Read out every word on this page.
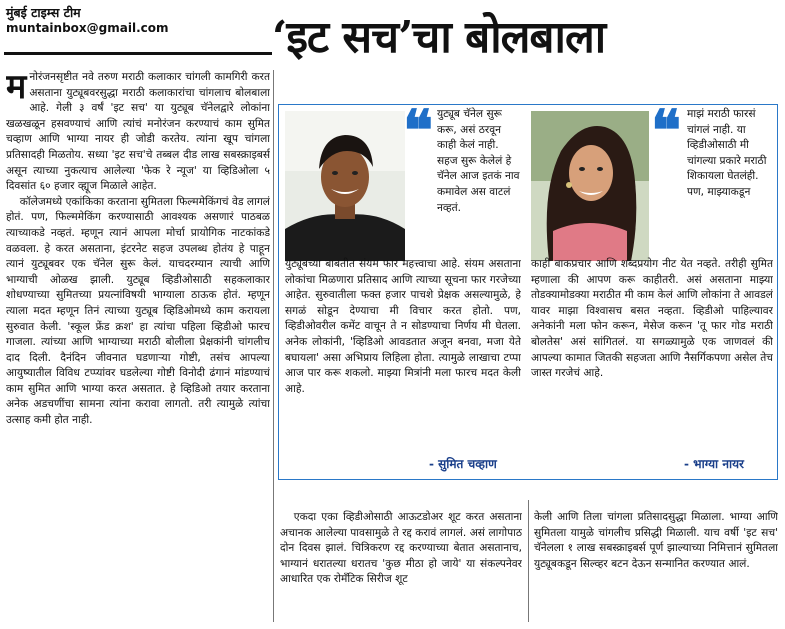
मुंबई टाइम्स टीम
muntainbox@gmail.com ‘इट सच’चा बोलबाला

मनोरंजनसृष्टीत नवे तरुण मराठी कलाकार चांगली कामगिरी करत असताना युट्यूबवरसुद्धा मराठी कलाकारांचा चांगलाच बोलबाला आहे. गेली ३ वर्षं 'इट सच' या युट्यूब चॅनेलद्वारे लोकांना खळखळून हसवण्याचं आणि त्यांचं मनोरंजन करण्याचं काम सुमित चव्हाण आणि भाग्या नायर ही जोडी करतेय. त्यांना खूप चांगला प्रतिसादही मिळतोय. सध्या 'इट सच'चे तब्बल दीड लाख सबस्क्राइबर्स असून त्याच्या नुकत्याच आलेल्या 'फेक रे न्यूज' या व्हिडिओला ५ दिवसांत ६० हजार व्ह्यूज मिळाले आहेत.

कॉलेजमध्ये एकांकिका करताना सुमितला फिल्ममेकिंगचं वेड लागलं होतं. पण, फिल्ममेकिंग करण्यासाठी आवश्यक असणारं पाठबळ त्याच्याकडे नव्हतं. म्हणून त्यानं आपला मोर्चा प्रायोगिक नाटकांकडे वळवला. हे करत असताना, इंटरनेट सहज उपलब्ध होतंय हे पाहून त्यानं युट्यूबवर एक चॅनेल सुरू केलं. याचदरम्यान त्याची आणि भाग्याची ओळख झाली. युट्यूब व्हिडीओसाठी सहकलाकार शोधण्याच्या सुमितच्या प्रयत्नांविषयी भाग्याला ठाऊक होतं. म्हणून त्याला मदत म्हणून तिनं त्याच्या युट्यूब व्हिडिओमध्ये काम करायला सुरुवात केली. 'स्कूल फ्रेंड क्रश' हा त्यांचा पहिला व्हिडीओ फारच गाजला. त्यांच्या आणि भाग्याच्या मराठी बोलीला प्रेक्षकांनी चांगलीच दाद दिली. दैनंदिन जीवनात घडणाऱ्या गोष्टी, तसंच आपल्या आयुष्यातील विविध टप्प्यांवर घडलेल्या गोष्टी विनोदी ढंगानं मांडण्याचं काम सुमित आणि भाग्या करत असतात. हे व्हिडिओ तयार करताना अनेक अडचणींचा सामना त्यांना करावा लागतो. तरी त्यामुळे त्यांचा उत्साह कमी होत नाही.

❝ युट्यूब चॅनेल सुरू करू, असं ठरवून काही केलं नाही. सहज सुरू केलेलं हे चॅनेल आज इतकं नाव कमावेल अस वाटलं नव्हतं.
युट्यूबच्या बाबतीत संयम फार महत्त्वाचा आहे. संयम असताना लोकांचा मिळणारा प्रतिसाद आणि त्याच्या सूचना फार गरजेच्या आहेत. सुरुवातीला फक्त हजार पाचशे प्रेक्षक असल्यामुळे, हे सगळं सोडून देण्याचा मी विचार करत होतो. पण, व्हिडीओवरील कमेंट वाचून ते न सोडण्याचा निर्णय मी घेतला. अनेक लोकांनी, 'व्हिडिओ आवडतात अजून बनवा, मजा येते बघायला' असा अभिप्राय लिहिला होता. त्यामुळे लाखाचा टप्पा आज पार करू शकलो. माझ्या मित्रांनी मला फारच मदत केली आहे.
- सुमित चव्हाण
❝ माझं मराठी फारसं चांगलं नाही. या व्हिडीओसाठी मी चांगल्या प्रकारे मराठी शिकायला घेतलंही. पण, माझ्याकडून
काही बाकप्रचार आणि शब्दप्रयोग नीट येत नव्हते. तरीही सुमित म्हणाला की आपण करू काहीतरी. असं असताना माझ्या तोडक्यामोडक्या मराठीत मी काम केलं आणि लोकांना ते आवडलं यावर माझा विश्वासच बसत नव्हता. व्हिडीओ पाहिल्यावर अनेकांनी मला फोन करून, मेसेज करून 'तू फार गोड मराठी बोलतेस' असं सांगितलं. या सगळ्यामुळे एक जाणवलं की आपल्या कामात जितकी सहजता आणि नैसर्गिकपणा असेल तेच जास्त गरजेचं आहे.
- भाग्या नायर

एकदा एका व्हिडीओसाठी आऊटडोअर शूट करत असताना अचानक आलेल्या पावसामुळे ते रद्द करावं लागलं. असं लागोपाठ दोन दिवस झालं. चित्रिकरण रद्द करण्याच्या बेतात असतानाच, भाग्यानं धरातल्या धरातच 'कुछ मीठा हो जाये' या संकल्पनेवर आधारित एक रोमँटिक सिरीज शूट

केली आणि तिला चांगला प्रतिसादसुद्धा मिळाला. भाग्या आणि सुमितला यामुळे चांगलीच प्रसिद्धी मिळाली. याच वर्षी 'इट सच' चॅनेलला १ लाख सबस्क्राइबर्स पूर्ण झाल्याच्या निमित्तानं सुमितला युट्यूबकडून सिल्व्हर बटन देऊन सन्मानित करण्यात आलं.
